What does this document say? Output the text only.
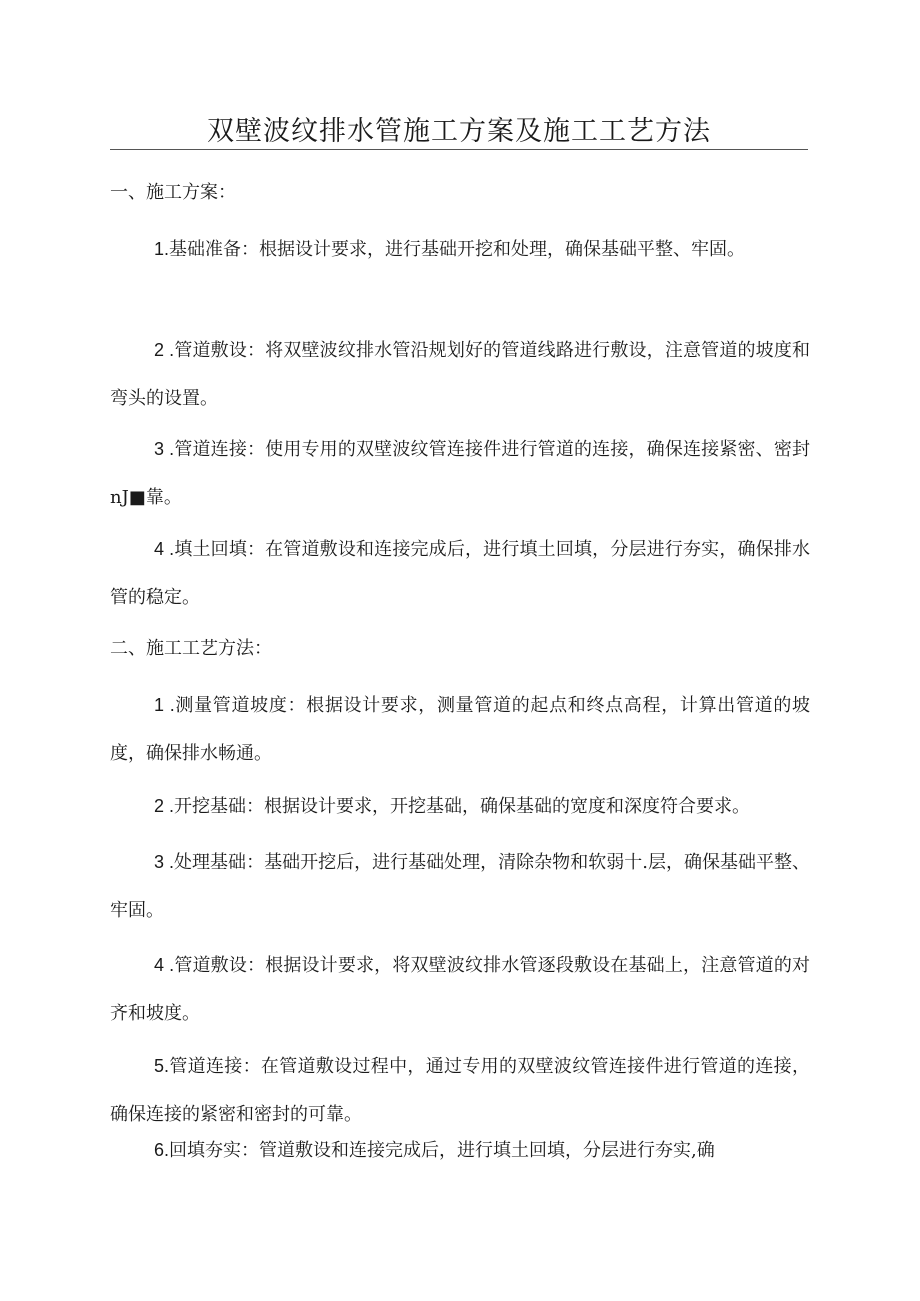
双壁波纹排水管施工方案及施工工艺方法
一、施工方案：

1.基础准备：根据设计要求，进行基础开挖和处理，确保基础平整、牢固。

2 .管道敷设：将双壁波纹排水管沿规划好的管道线路进行敷设，注意管道的坡度和弯头的设置。

3 .管道连接：使用专用的双壁波纹管连接件进行管道的连接，确保连接紧密、密封nJ■靠。

4 .填土回填：在管道敷设和连接完成后，进行填土回填，分层进行夯实，确保排水管的稳定。

二、施工工艺方法：

1 .测量管道坡度：根据设计要求，测量管道的起点和终点高程，计算出管道的坡度，确保排水畅通。

2 .开挖基础：根据设计要求，开挖基础，确保基础的宽度和深度符合要求。

3 .处理基础：基础开挖后，进行基础处理，清除杂物和软弱十.层，确保基础平整、牢固。

4 .管道敷设：根据设计要求，将双壁波纹排水管逐段敷设在基础上，注意管道的对齐和坡度。

5.管道连接：在管道敷设过程中，通过专用的双壁波纹管连接件进行管道的连接，确保连接的紧密和密封的可靠。

6.回填夯实：管道敷设和连接完成后，进行填土回填，分层进行夯实,确
